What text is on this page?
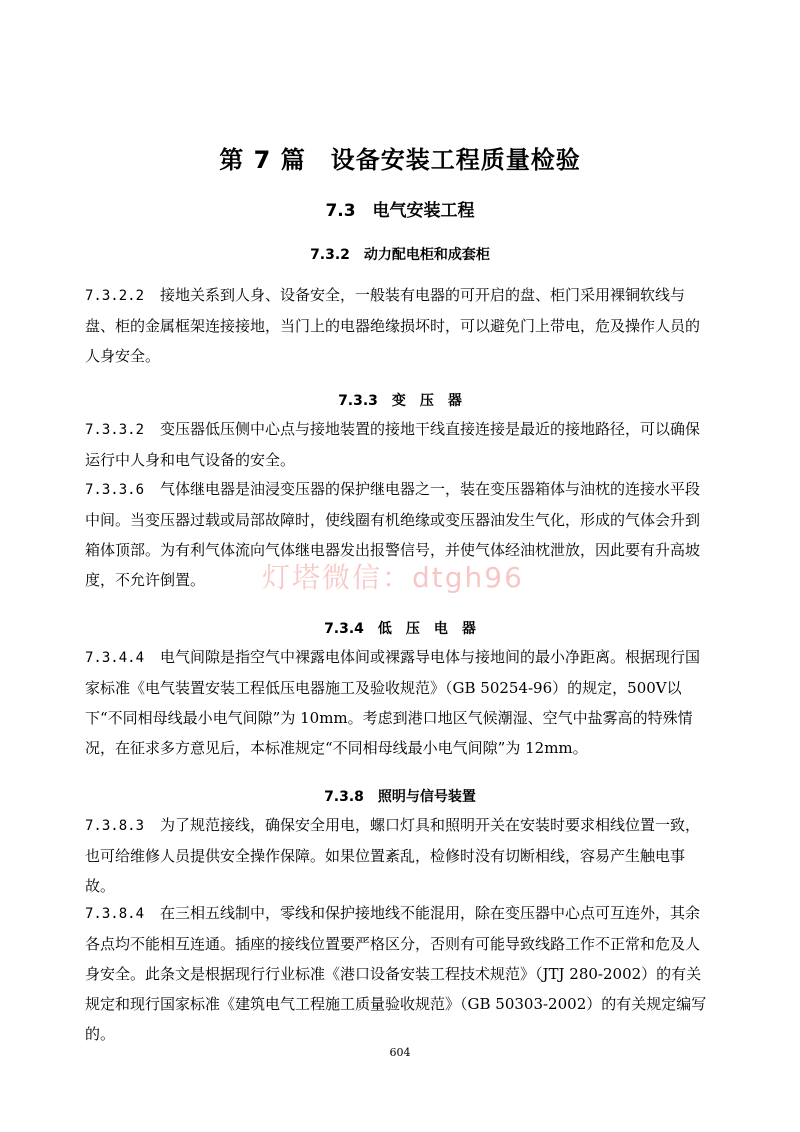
第 7 篇　设备安装工程质量检验
7.3　电气安装工程
7.3.2　动力配电柜和成套柜

7.3.2.2 接地关系到人身、设备安全，一般装有电器的可开启的盘、柜门采用裸铜软线与盘、柜的金属框架连接接地，当门上的电器绝缘损坏时，可以避免门上带电，危及操作人员的人身安全。

7.3.3　变　压　器

7.3.3.2 变压器低压侧中心点与接地装置的接地干线直接连接是最近的接地路径，可以确保运行中人身和电气设备的安全。

7.3.3.6 气体继电器是油浸变压器的保护继电器之一，装在变压器箱体与油枕的连接水平段中间。当变压器过载或局部故障时，使线圈有机绝缘或变压器油发生气化，形成的气体会升到箱体顶部。为有利气体流向气体继电器发出报警信号，并使气体经油枕泄放，因此要有升高坡度，不允许倒置。

7.3.4　低　压　电　器

7.3.4.4 电气间隙是指空气中裸露电体间或裸露导电体与接地间的最小净距离。根据现行国家标准《电气装置安装工程低压电器施工及验收规范》（GB 50254-96）的规定，500V以下“不同相母线最小电气间隙”为 10mm。考虑到港口地区气候潮湿、空气中盐雾高的特殊情况，在征求多方意见后，本标准规定“不同相母线最小电气间隙”为 12mm。

7.3.8　照明与信号装置

7.3.8.3 为了规范接线，确保安全用电，螺口灯具和照明开关在安装时要求相线位置一致，也可给维修人员提供安全操作保障。如果位置紊乱，检修时没有切断相线，容易产生触电事故。

7.3.8.4 在三相五线制中，零线和保护接地线不能混用，除在变压器中心点可互连外，其余各点均不能相互连通。插座的接线位置要严格区分，否则有可能导致线路工作不正常和危及人身安全。此条文是根据现行行业标准《港口设备安装工程技术规范》（JTJ 280-2002）的有关规定和现行国家标准《建筑电气工程施工质量验收规范》（GB 50303-2002）的有关规定编写的。

灯塔微信：dtgh96
604
